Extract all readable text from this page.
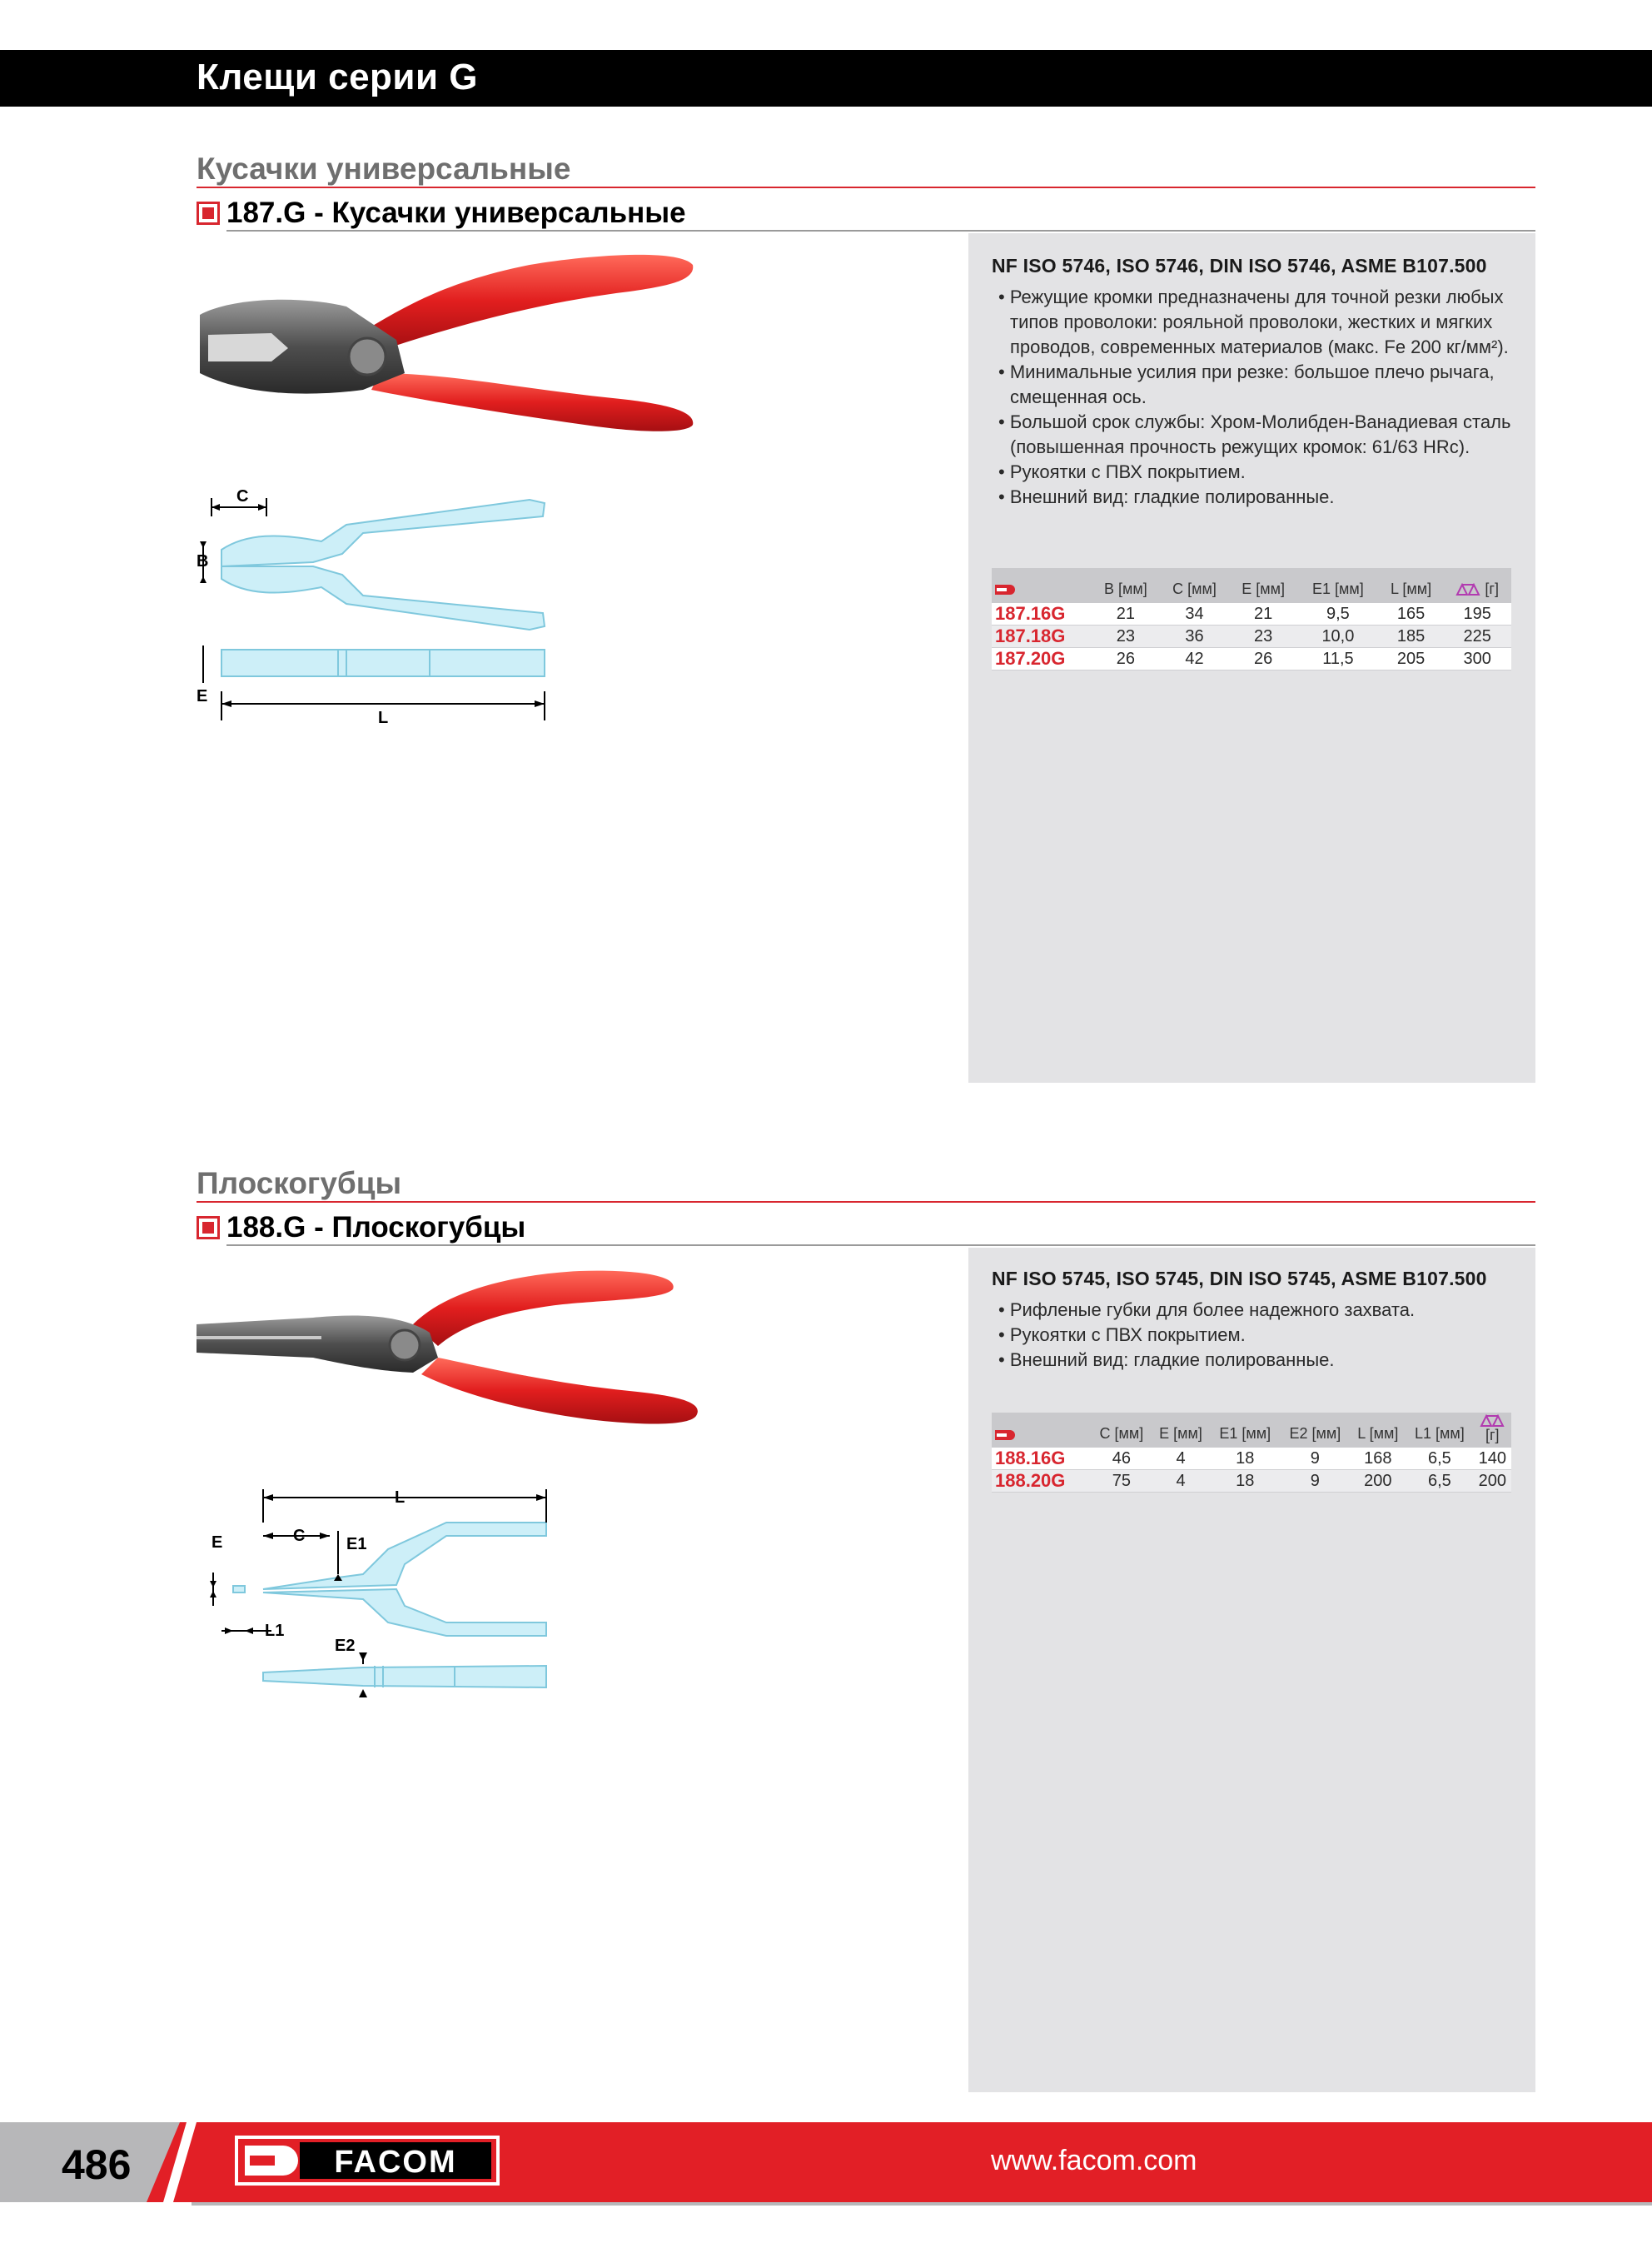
Клещи серии G
Кусачки универсальные
187.G - Кусачки универсальные
C
B
E
L
NF ISO 5746, ISO 5746, DIN ISO 5746, ASME B107.500
• Режущие кромки предназначены для точной резки любых типов проволоки: рояльной проволоки, жестких и мягких проводов, современных материалов (макс. Fe 200 кг/мм²).
• Минимальные усилия при резке: большое плечо рычага, смещенная ось.
• Большой срок службы: Хром-Молибден-Ванадиевая сталь (повышенная прочность режущих кромок: 61/63 HRc).
• Рукоятки с ПВХ покрытием.
• Внешний вид: гладкие полированные.
	B [мм]	C [мм]	E [мм]	E1 [мм]	L [мм]	[г]
187.16G	21	34	21	9,5	165	195
187.18G	23	36	23	10,0	185	225
187.20G	26	42	26	11,5	205	300
Плоскогубцы
188.G - Плоскогубцы
L
C
E	E1
L1
E2
NF ISO 5745, ISO 5745, DIN ISO 5745, ASME B107.500
• Рифленые губки для более надежного захвата.
• Рукоятки с ПВХ покрытием.
• Внешний вид: гладкие полированные.
	C [мм]	E [мм]	E1 [мм]	E2 [мм]	L [мм]	L1 [мм]	[г]
188.16G	46	4	18	9	168	6,5	140
188.20G	75	4	18	9	200	6,5	200
486	FACOM	www.facom.com
